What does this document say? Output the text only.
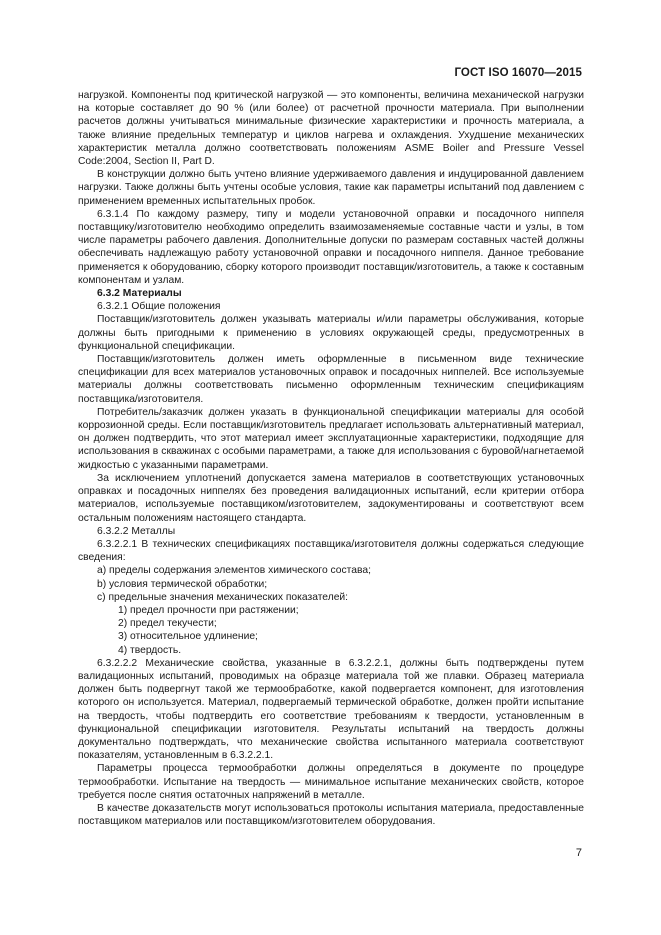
ГОСТ ISO 16070—2015

нагрузкой. Компоненты под критической нагрузкой — это компоненты, величина механической нагрузки на которые составляет до 90 % (или более) от расчетной прочности материала. При выполнении расчетов должны учитываться минимальные физические характеристики и прочность материала, а также влияние предельных температур и циклов нагрева и охлаждения. Ухудшение механических характеристик металла должно соответствовать положениям ASME Boiler and Pressure Vessel Code:2004, Section II, Part D.

В конструкции должно быть учтено влияние удерживаемого давления и индуцированной давлением нагрузки. Также должны быть учтены особые условия, такие как параметры испытаний под давлением с применением временных испытательных пробок.

6.3.1.4 По каждому размеру, типу и модели установочной оправки и посадочного ниппеля поставщику/изготовителю необходимо определить взаимозаменяемые составные части и узлы, в том числе параметры рабочего давления. Дополнительные допуски по размерам составных частей должны обеспечивать надлежащую работу установочной оправки и посадочного ниппеля. Данное требование применяется к оборудованию, сборку которого производит поставщик/изготовитель, а также к составным компонентам и узлам.

6.3.2 Материалы

6.3.2.1 Общие положения

Поставщик/изготовитель должен указывать материалы и/или параметры обслуживания, которые должны быть пригодными к применению в условиях окружающей среды, предусмотренных в функциональной спецификации.

Поставщик/изготовитель должен иметь оформленные в письменном виде технические спецификации для всех материалов установочных оправок и посадочных ниппелей. Все используемые материалы должны соответствовать письменно оформленным техническим спецификациям поставщика/изготовителя.

Потребитель/заказчик должен указать в функциональной спецификации материалы для особой коррозионной среды. Если поставщик/изготовитель предлагает использовать альтернативный материал, он должен подтвердить, что этот материал имеет эксплуатационные характеристики, подходящие для использования в скважинах с особыми параметрами, а также для использования с буровой/нагнетаемой жидкостью с указанными параметрами.

За исключением уплотнений допускается замена материалов в соответствующих установочных оправках и посадочных ниппелях без проведения валидационных испытаний, если критерии отбора материалов, используемые поставщиком/изготовителем, задокументированы и соответствуют всем остальным положениям настоящего стандарта.

6.3.2.2 Металлы

6.3.2.2.1 В технических спецификациях поставщика/изготовителя должны содержаться следующие сведения:

a) пределы содержания элементов химического состава;

b) условия термической обработки;

c) предельные значения механических показателей:

1) предел прочности при растяжении;

2) предел текучести;

3) относительное удлинение;

4) твердость.

6.3.2.2.2 Механические свойства, указанные в 6.3.2.2.1, должны быть подтверждены путем валидационных испытаний, проводимых на образце материала той же плавки. Образец материала должен быть подвергнут такой же термообработке, какой подвергается компонент, для изготовления которого он используется. Материал, подвергаемый термической обработке, должен пройти испытание на твердость, чтобы подтвердить его соответствие требованиям к твердости, установленным в функциональной спецификации изготовителя. Результаты испытаний на твердость должны документально подтверждать, что механические свойства испытанного материала соответствуют показателям, установленным в 6.3.2.2.1.

Параметры процесса термообработки должны определяться в документе по процедуре термообработки. Испытание на твердость — минимальное испытание механических свойств, которое требуется после снятия остаточных напряжений в металле.

В качестве доказательств могут использоваться протоколы испытания материала, предоставленные поставщиком материалов или поставщиком/изготовителем оборудования.

7
